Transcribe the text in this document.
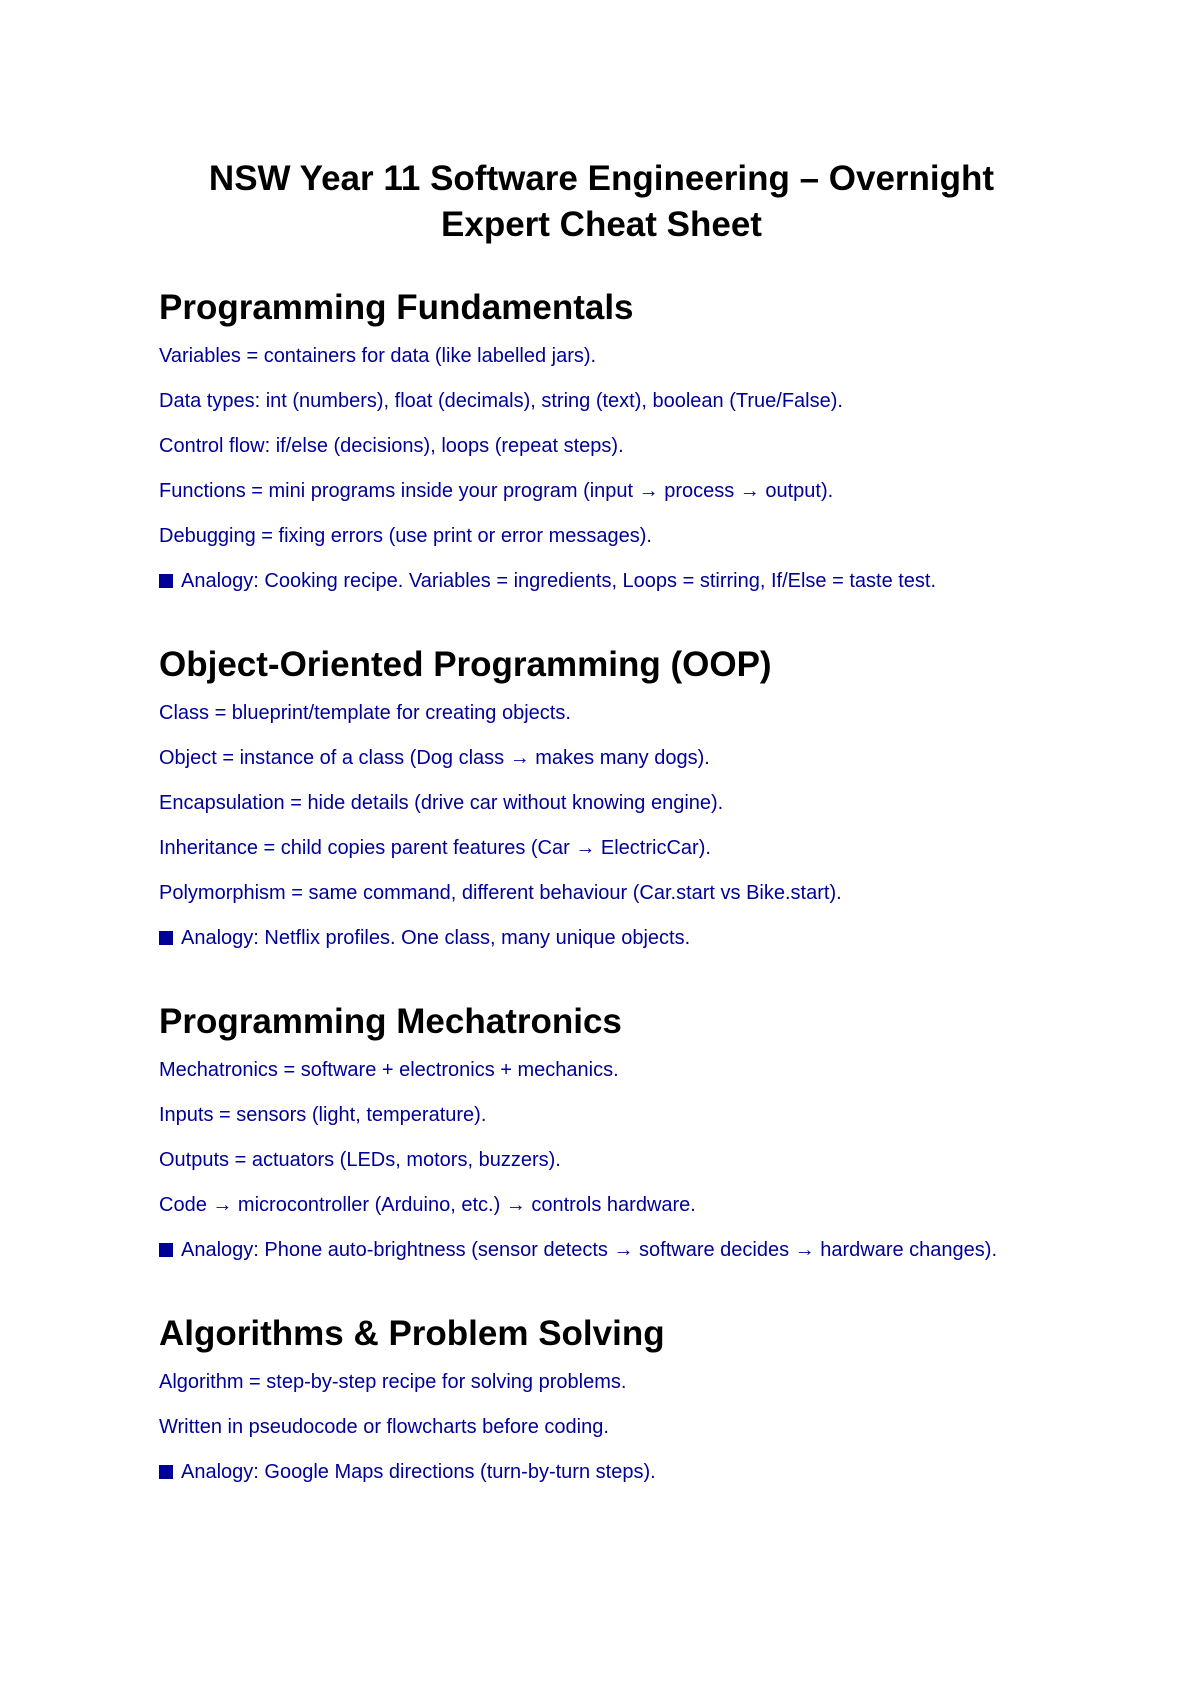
NSW Year 11 Software Engineering – Overnight
Expert Cheat Sheet
Programming Fundamentals

Variables = containers for data (like labelled jars).

Data types: int (numbers), float (decimals), string (text), boolean (True/False).

Control flow: if/else (decisions), loops (repeat steps).

Functions = mini programs inside your program (input → process → output).

Debugging = fixing errors (use print or error messages).

Analogy: Cooking recipe. Variables = ingredients, Loops = stirring, If/Else = taste test.

Object-Oriented Programming (OOP)

Class = blueprint/template for creating objects.

Object = instance of a class (Dog class → makes many dogs).

Encapsulation = hide details (drive car without knowing engine).

Inheritance = child copies parent features (Car → ElectricCar).

Polymorphism = same command, different behaviour (Car.start vs Bike.start).

Analogy: Netflix profiles. One class, many unique objects.

Programming Mechatronics

Mechatronics = software + electronics + mechanics.

Inputs = sensors (light, temperature).

Outputs = actuators (LEDs, motors, buzzers).

Code → microcontroller (Arduino, etc.) → controls hardware.

Analogy: Phone auto-brightness (sensor detects → software decides → hardware changes).

Algorithms & Problem Solving

Algorithm = step-by-step recipe for solving problems.

Written in pseudocode or flowcharts before coding.

Analogy: Google Maps directions (turn-by-turn steps).
